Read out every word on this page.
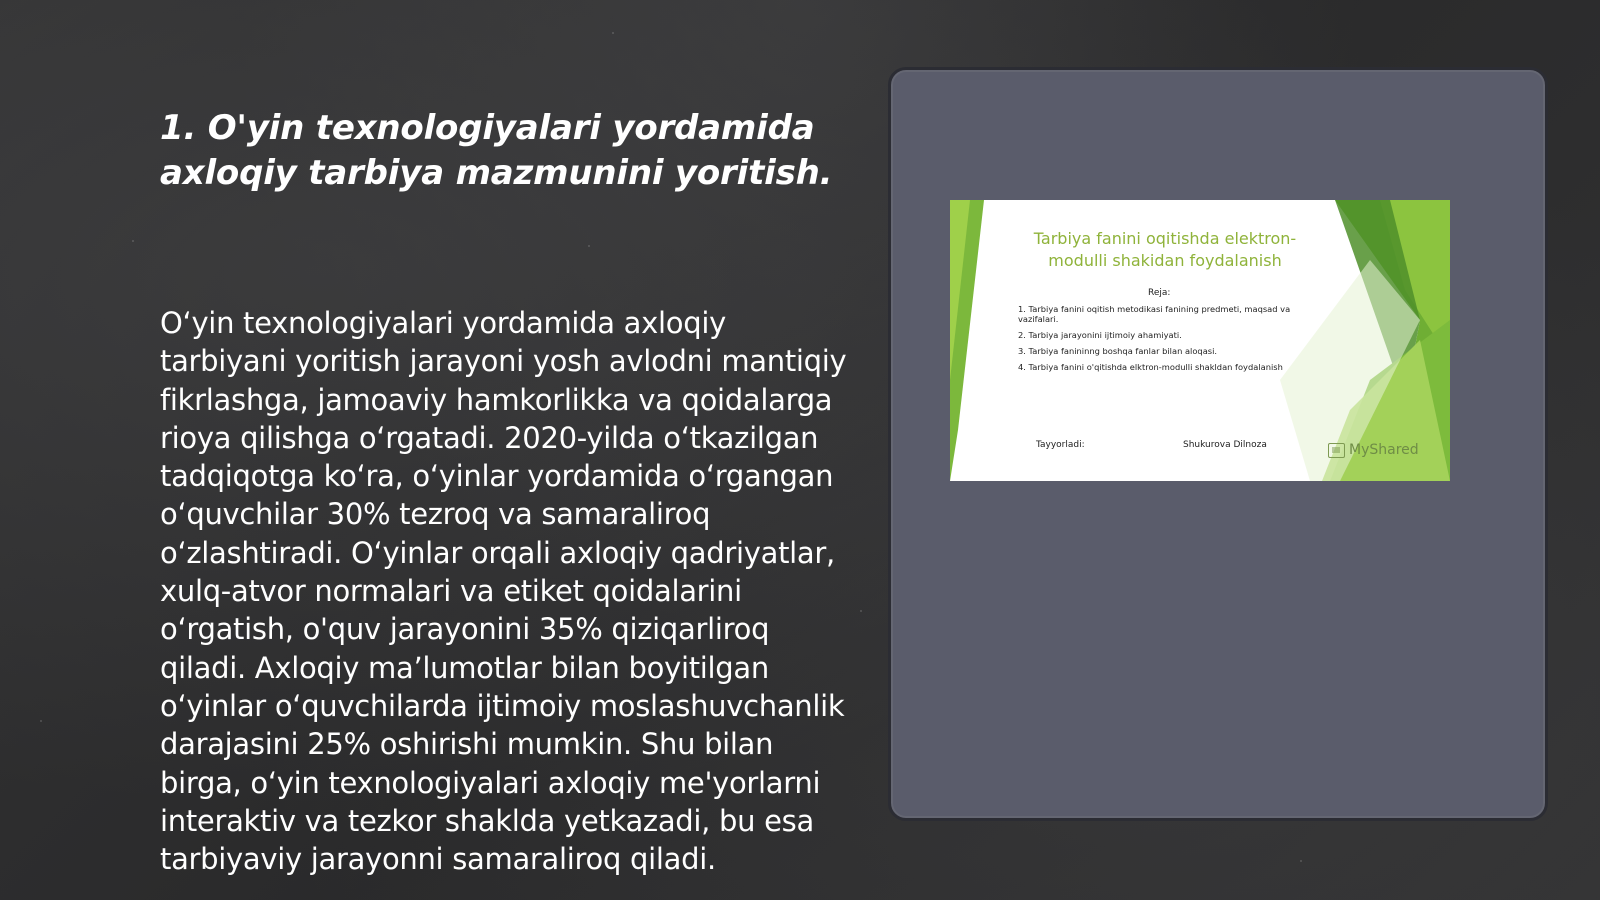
1. O'yin texnologiyalari yordamida axloqiy tarbiya mazmunini yoritish.

O‘yin texnologiyalari yordamida axloqiy tarbiyani yoritish jarayoni yosh avlodni mantiqiy fikrlashga, jamoaviy hamkorlikka va qoidalarga rioya qilishga o‘rgatadi. 2020-yilda o‘tkazilgan tadqiqotga ko‘ra, o‘yinlar yordamida o‘rgangan o‘quvchilar 30% tezroq va samaraliroq o‘zlashtiradi. O‘yinlar orqali axloqiy qadriyatlar, xulq-atvor normalari va etiket qoidalarini o‘rgatish, o'quv jarayonini 35% qiziqarliroq qiladi. Axloqiy ma’lumotlar bilan boyitilgan o‘yinlar o‘quvchilarda ijtimoiy moslashuvchanlik darajasini 25% oshirishi mumkin. Shu bilan birga, o‘yin texnologiyalari axloqiy me'yorlarni interaktiv va tezkor shaklda yetkazadi, bu esa tarbiyaviy jarayonni samaraliroq qiladi.

Tarbiya fanini oqitishda elektron-modulli shakidan foydalanish
Reja:
1. Tarbiya fanini oqitish metodikasi fanining predmeti, maqsad va vazifalari.
2. Tarbiya jarayonini ijtimoiy ahamiyati.
3. Tarbiya fanininng boshqa fanlar bilan aloqasi.
4. Tarbiya fanini o'qitishda elktron-modulli shakldan foydalanish
Tayyorladi:	Shukurova Dilnoza	MyShared
